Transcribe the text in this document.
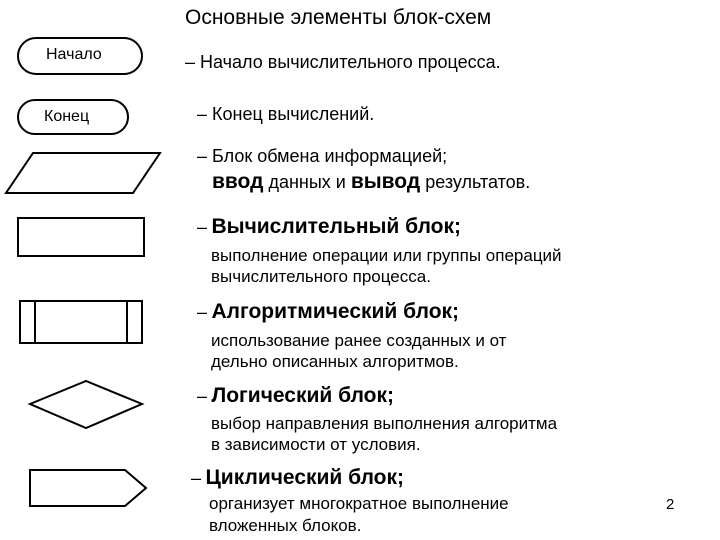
Основные элементы блок-схем
Начало
Конец
– Начало вычислительного процесса.
– Конец вычислений.
– Блок обмена информацией;
ввод данных и вывод результатов.
– Вычислительный блок;
выполнение операции или группы операций
вычислительного процесса.
– Алгоритмический блок;
использование ранее созданных и от
дельно описанных алгоритмов.
– Логический блок;
выбор направления выполнения алгоритма
в зависимости от условия.
– Циклический блок;
организует многократное выполнение
вложенных блоков.
2
